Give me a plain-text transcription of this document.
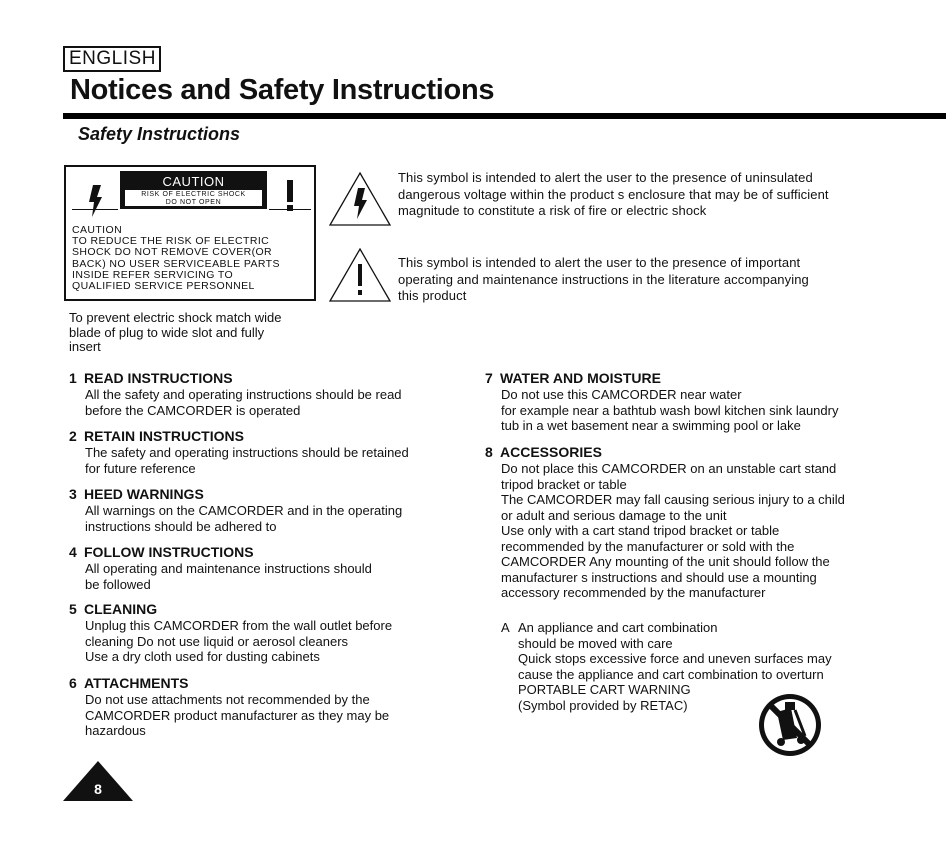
ENGLISH
Notices and Safety Instructions
Safety Instructions
CAUTION
RISK OF ELECTRIC SHOCK
DO NOT OPEN
CAUTION
TO REDUCE THE RISK OF ELECTRIC
SHOCK DO NOT REMOVE COVER(OR
BACK) NO USER SERVICEABLE PARTS
INSIDE REFER SERVICING TO
QUALIFIED SERVICE PERSONNEL
This symbol is intended to alert the user to the presence of uninsulated
dangerous voltage within the product s enclosure that may be of sufficient
magnitude to constitute a risk of fire or electric shock
This symbol is intended to alert the user to the presence of important
operating and maintenance instructions in the literature accompanying
this product
To prevent electric shock match wide
blade of plug to wide slot and fully
insert
1 READ INSTRUCTIONS
All the safety and operating instructions should be read
before the CAMCORDER is operated
2 RETAIN INSTRUCTIONS
The safety and operating instructions should be retained
for future reference
3 HEED WARNINGS
All warnings on the CAMCORDER and in the operating
instructions should be adhered to
4 FOLLOW INSTRUCTIONS
All operating and maintenance instructions should
be followed
5 CLEANING
Unplug this CAMCORDER from the wall outlet before
cleaning Do not use liquid or aerosol cleaners
Use a dry cloth used for dusting cabinets
6 ATTACHMENTS
Do not use attachments not recommended by the
CAMCORDER product manufacturer as they may be
hazardous
7 WATER AND MOISTURE
Do not use this CAMCORDER near water
for example near a bathtub wash bowl kitchen sink laundry
tub in a wet basement near a swimming pool or lake
8 ACCESSORIES
Do not place this CAMCORDER on an unstable cart stand
tripod bracket or table
The CAMCORDER may fall causing serious injury to a child
or adult and serious damage to the unit
Use only with a cart stand tripod bracket or table
recommended by the manufacturer or sold with the
CAMCORDER Any mounting of the unit should follow the
manufacturer s instructions and should use a mounting
accessory recommended by the manufacturer
A An appliance and cart combination
should be moved with care
Quick stops excessive force and uneven surfaces may
cause the appliance and cart combination to overturn
PORTABLE CART WARNING
(Symbol provided by RETAC)
8
